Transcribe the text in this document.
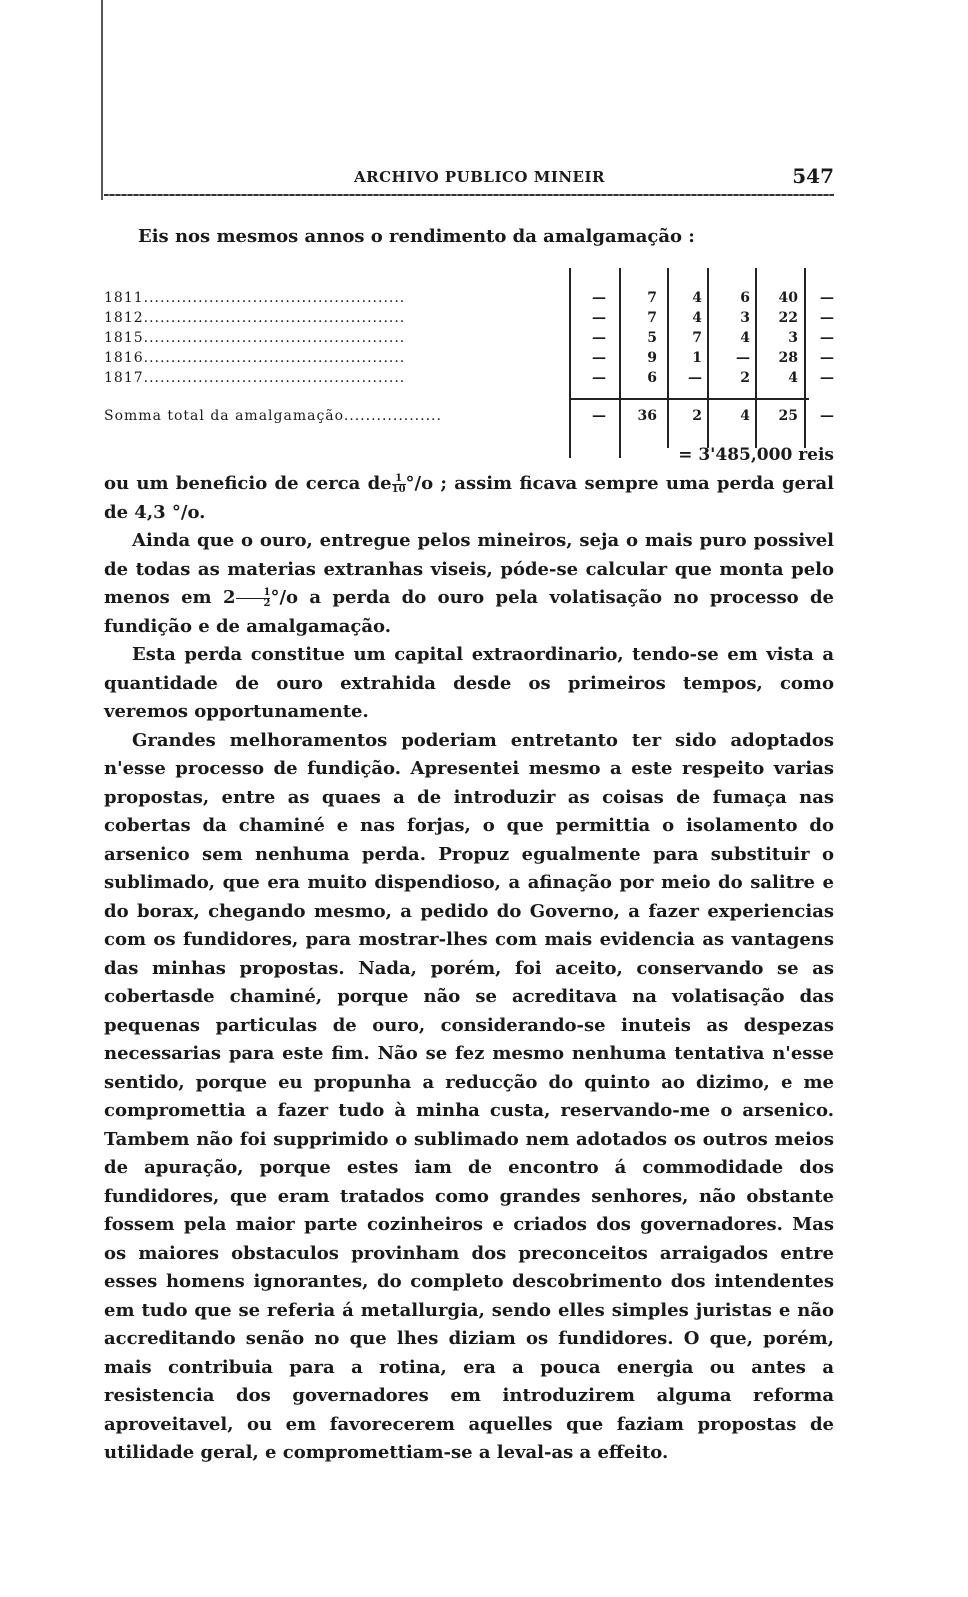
ARCHIVO PUBLICO MINEIR	547
Eis nos mesmos annos o rendimento da amalgamação :
1811................................................	—	7	4	6	40	—
1812................................................	—	7	4	3	22	—
1815................................................	—	5	7	4	3	—
1816................................................	—	9	1	—	28	—
1817................................................	—	6	—	2	4	—
Somma total da amalgamação..................	—	36	2	4	25	—
= 3'485,000 reis

ou um beneficio de cerca de $\frac{1}{10} ^\circ/o$ ; assim ficava sempre uma perda geral de 4,3 °/o.

Ainda que o ouro, entregue pelos mineiros, seja o mais puro possivel de todas as materias extranhas viseis, póde-se calcular que monta pelo menos em $2 \frac{1}{2} ^\circ/o$ a perda do ouro pela volatisação no processo de fundição e de amalgamação.

Esta perda constitue um capital extraordinario, tendo-se em vista a quantidade de ouro extrahida desde os primeiros tempos, como veremos opportunamente.

Grandes melhoramentos poderiam entretanto ter sido adoptados n'esse processo de fundição. Apresentei mesmo a este respeito varias propostas, entre as quaes a de introduzir as coisas de fumaça nas cobertas da chaminé e nas forjas, o que permittia o isolamento do arsenico sem nenhuma perda. Propuz egualmente para substituir o sublimado, que era muito dispendioso, a afinação por meio do salitre e do borax, chegando mesmo, a pedido do Governo, a fazer experiencias com os fundidores, para mostrar-lhes com mais evidencia as vantagens das minhas propostas. Nada, porém, foi aceito, conservando se as cobertasde chaminé, porque não se acreditava na volatisação das pequenas particulas de ouro, considerando-se inuteis as despezas necessarias para este fim. Não se fez mesmo nenhuma tentativa n'esse sentido, porque eu propunha a reducção do quinto ao dizimo, e me compromettia a fazer tudo à minha custa, reservando-me o arsenico. Tambem não foi supprimido o sublimado nem adotados os outros meios de apuração, porque estes iam de encontro á commodidade dos fundidores, que eram tratados como grandes senhores, não obstante fossem pela maior parte cozinheiros e criados dos governadores. Mas os maiores obstaculos provinham dos preconceitos arraigados entre esses homens ignorantes, do completo descobrimento dos intendentes em tudo que se referia á metallurgia, sendo elles simples juristas e não accreditando senão no que lhes diziam os fundidores. O que, porém, mais contribuia para a rotina, era a pouca energia ou antes a resistencia dos governadores em introduzirem alguma reforma aproveitavel, ou em favorecerem aquelles que faziam propostas de utilidade geral, e compromettiam-se a leval-as a effeito.
